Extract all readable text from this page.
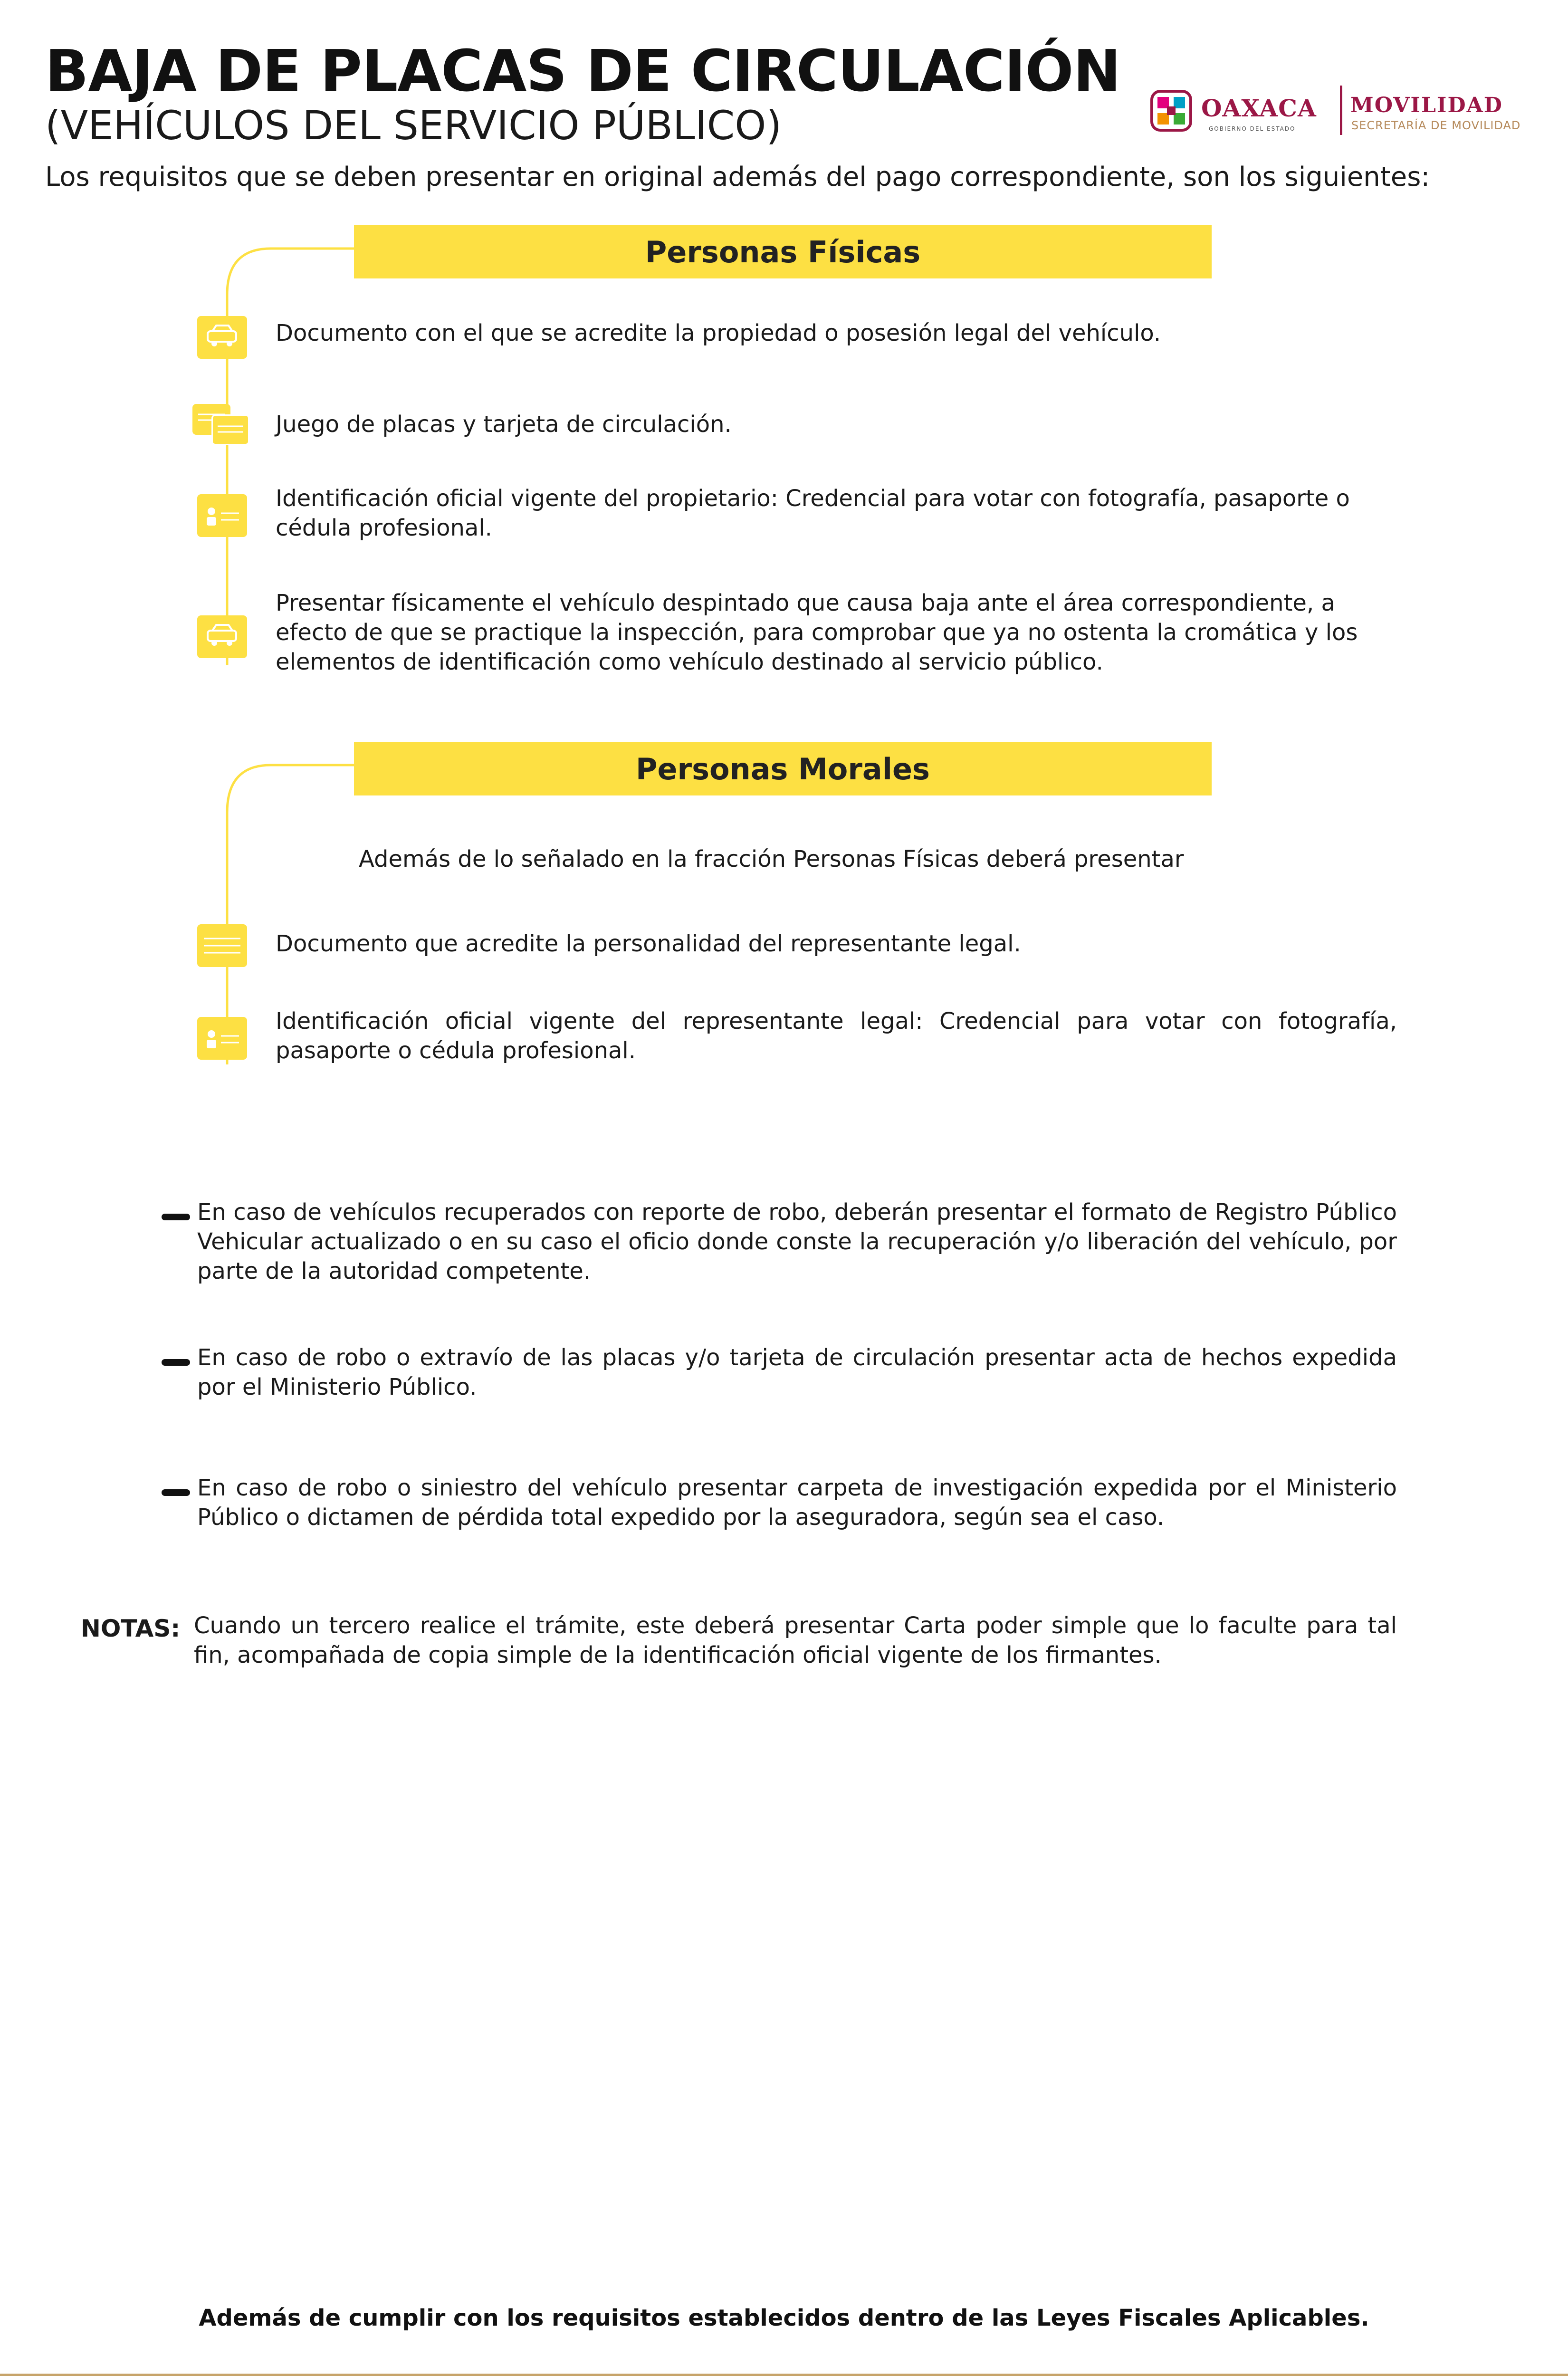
BAJA DE PLACAS DE CIRCULACIÓN
(VEHÍCULOS DEL SERVICIO PÚBLICO)
Los requisitos que se deben presentar en original además del pago correspondiente, son los siguientes:
OAXACA
GOBIERNO DEL ESTADO
MOVILIDAD
SECRETARÍA DE MOVILIDAD
Personas Físicas
Documento con el que se acredite la propiedad o posesión legal del vehículo.
Juego de placas y tarjeta de circulación.
Identificación oficial vigente del propietario: Credencial para votar con fotografía, pasaporte o cédula profesional.
Presentar físicamente el vehículo despintado que causa baja ante el área correspondiente, a efecto de que se practique la inspección, para comprobar que ya no ostenta la cromática y los elementos de identificación como vehículo destinado al servicio público.
Personas Morales
Además de lo señalado en la fracción Personas Físicas deberá presentar
Documento que acredite la personalidad del representante legal.
Identificación oficial vigente del representante legal: Credencial para votar con fotografía, pasaporte o cédula profesional.
En caso de vehículos recuperados con reporte de robo, deberán presentar el formato de Registro Público Vehicular actualizado o en su caso el oficio donde conste la recuperación y/o liberación del vehículo, por parte de la autoridad competente.
En caso de robo o extravío de las placas y/o tarjeta de circulación presentar acta de hechos expedida por el Ministerio Público.
En caso de robo o siniestro del vehículo presentar carpeta de investigación expedida por el Ministerio Público o dictamen de pérdida total expedido por la aseguradora, según sea el caso.
NOTAS: Cuando un tercero realice el trámite, este deberá presentar Carta poder simple que lo faculte para tal fin, acompañada de copia simple de la identificación oficial vigente de los firmantes.
Además de cumplir con los requisitos establecidos dentro de las Leyes Fiscales Aplicables.
